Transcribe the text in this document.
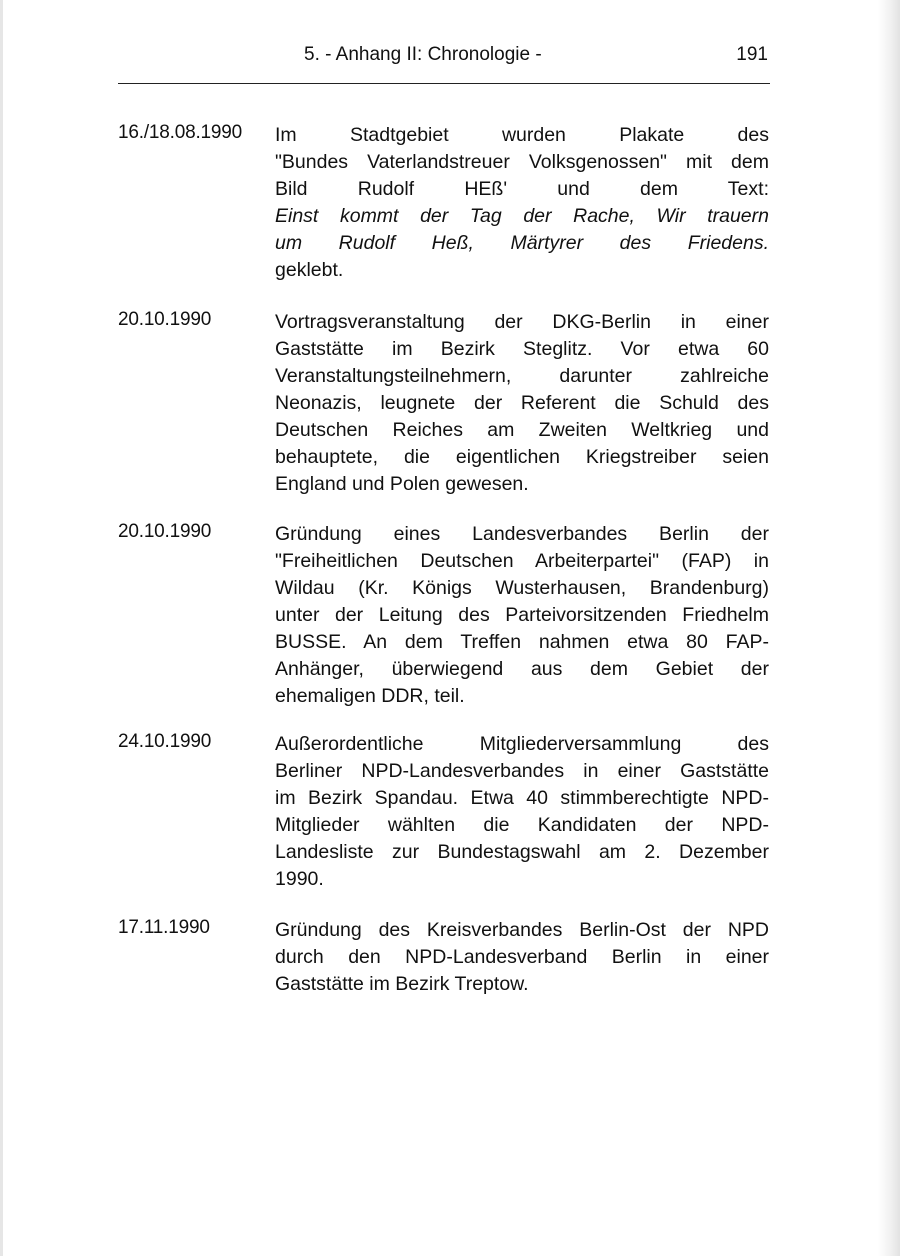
5. - Anhang II: Chronologie -	191
16./18.08.1990 Im Stadtgebiet wurden Plakate des
"Bundes Vaterlandstreuer Volksgenossen" mit dem
Bild Rudolf HEß' und dem Text:
Einst kommt der Tag der Rache, Wir trauern
um Rudolf Heß, Märtyrer des Friedens.
geklebt.
20.10.1990	Vortragsveranstaltung der DKG-Berlin in einer
Gaststätte im Bezirk Steglitz. Vor etwa 60
Veranstaltungsteilnehmern, darunter zahlreiche
Neonazis, leugnete der Referent die Schuld des
Deutschen Reiches am Zweiten Weltkrieg und
behauptete, die eigentlichen Kriegstreiber seien
England und Polen gewesen.
20.10.1990	Gründung eines Landesverbandes Berlin der
"Freiheitlichen Deutschen Arbeiterpartei" (FAP) in
Wildau (Kr. Königs Wusterhausen, Brandenburg)
unter der Leitung des Parteivorsitzenden Friedhelm
BUSSE. An dem Treffen nahmen etwa 80 FAP-
Anhänger, überwiegend aus dem Gebiet der
ehemaligen DDR, teil.
24.10.1990	Außerordentliche Mitgliederversammlung des
Berliner NPD-Landesverbandes in einer Gaststätte
im Bezirk Spandau. Etwa 40 stimmberechtigte NPD-
Mitglieder wählten die Kandidaten der NPD-
Landesliste zur Bundestagswahl am 2. Dezember
1990.
17.11.1990	Gründung des Kreisverbandes Berlin-Ost der NPD
durch den NPD-Landesverband Berlin in einer
Gaststätte im Bezirk Treptow.
